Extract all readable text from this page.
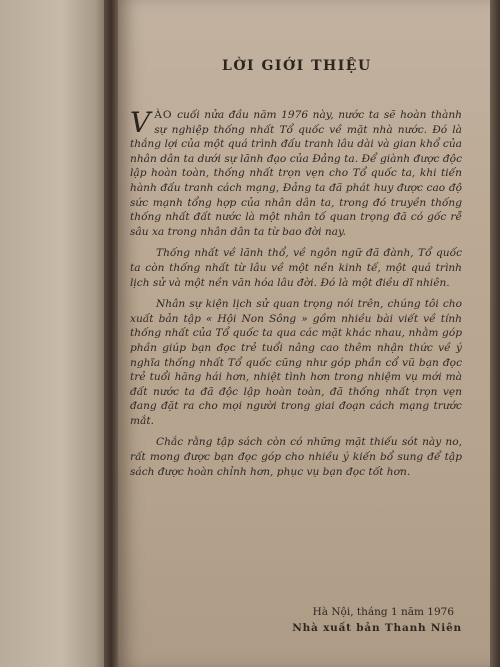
LỜI GIỚI THIỆU

VÀO cuối nửa đầu năm 1976 này, nước ta sẽ hoàn thành sự nghiệp thống nhất Tổ quốc về mặt nhà nước. Đó là thắng lợi của một quá trình đấu tranh lâu dài và gian khổ của nhân dân ta dưới sự lãnh đạo của Đảng ta. Để giành được độc lập hoàn toàn, thống nhất trọn vẹn cho Tổ quốc ta, khi tiến hành đấu tranh cách mạng, Đảng ta đã phát huy được cao độ sức mạnh tổng hợp của nhân dân ta, trong đó truyền thống thống nhất đất nước là một nhân tố quan trọng đã có gốc rễ sâu xa trong nhân dân ta từ bao đời nay.

Thống nhất về lãnh thổ, về ngôn ngữ đã đành, Tổ quốc ta còn thống nhất từ lâu về một nền kinh tế, một quá trình lịch sử và một nền văn hóa lâu đời. Đó là một điều dĩ nhiên.

Nhân sự kiện lịch sử quan trọng nói trên, chúng tôi cho xuất bản tập « Hội Non Sông » gồm nhiều bài viết về tính thống nhất của Tổ quốc ta qua các mặt khác nhau, nhằm góp phần giúp bạn đọc trẻ tuổi nâng cao thêm nhận thức về ý nghĩa thống nhất Tổ quốc cũng như góp phần cổ vũ bạn đọc trẻ tuổi hăng hái hơn, nhiệt tình hơn trong nhiệm vụ mới mà đất nước ta đã độc lập hoàn toàn, đã thống nhất trọn vẹn đang đặt ra cho mọi người trong giai đoạn cách mạng trước mắt.

Chắc rằng tập sách còn có những mặt thiếu sót này no, rất mong được bạn đọc góp cho nhiều ý kiến bổ sung để tập sách được hoàn chỉnh hơn, phục vụ bạn đọc tốt hơn.

Hà Nội, tháng 1 năm 1976
Nhà xuất bản Thanh Niên
